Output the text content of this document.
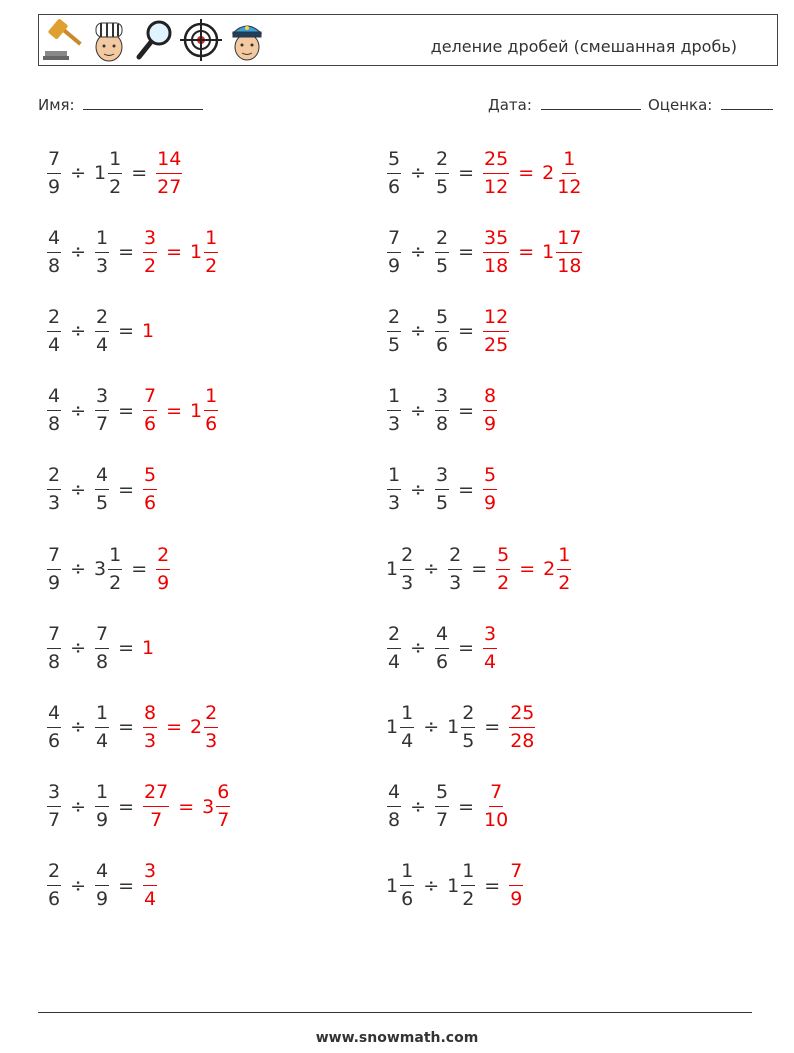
деление дробей (смешанная дробь)
Имя:	Дата:	Оценка:
$\frac{7}{9} \div 1 \frac{1}{2} = \frac{14}{27}$
$\frac{4}{8} \div \frac{1}{3} = \frac{3}{2} = 1 \frac{1}{2}$
$\frac{2}{4} \div \frac{2}{4} = 1$
$\frac{4}{8} \div \frac{3}{7} = \frac{7}{6} = 1 \frac{1}{6}$
$\frac{2}{3} \div \frac{4}{5} = \frac{5}{6}$
$\frac{7}{9} \div 3 \frac{1}{2} = \frac{2}{9}$
$\frac{7}{8} \div \frac{7}{8} = 1$
$\frac{4}{6} \div \frac{1}{4} = \frac{8}{3} = 2 \frac{2}{3}$
$\frac{3}{7} \div \frac{1}{9} = \frac{27}{7} = 3 \frac{6}{7}$
$\frac{2}{6} \div \frac{4}{9} = \frac{3}{4}$
$\frac{5}{6} \div \frac{2}{5} = \frac{25}{12} = 2 \frac{1}{12}$
$\frac{7}{9} \div \frac{2}{5} = \frac{35}{18} = 1 \frac{17}{18}$
$\frac{2}{5} \div \frac{5}{6} = \frac{12}{25}$
$\frac{1}{3} \div \frac{3}{8} = \frac{8}{9}$
$\frac{1}{3} \div \frac{3}{5} = \frac{5}{9}$
$1 \frac{2}{3} \div \frac{2}{3} = \frac{5}{2} = 2 \frac{1}{2}$
$\frac{2}{4} \div \frac{4}{6} = \frac{3}{4}$
$1 \frac{1}{4} \div 1 \frac{2}{5} = \frac{25}{28}$
$\frac{4}{8} \div \frac{5}{7} = \frac{7}{10}$
$1 \frac{1}{6} \div 1 \frac{1}{2} = \frac{7}{9}$
www.snowmath.com
